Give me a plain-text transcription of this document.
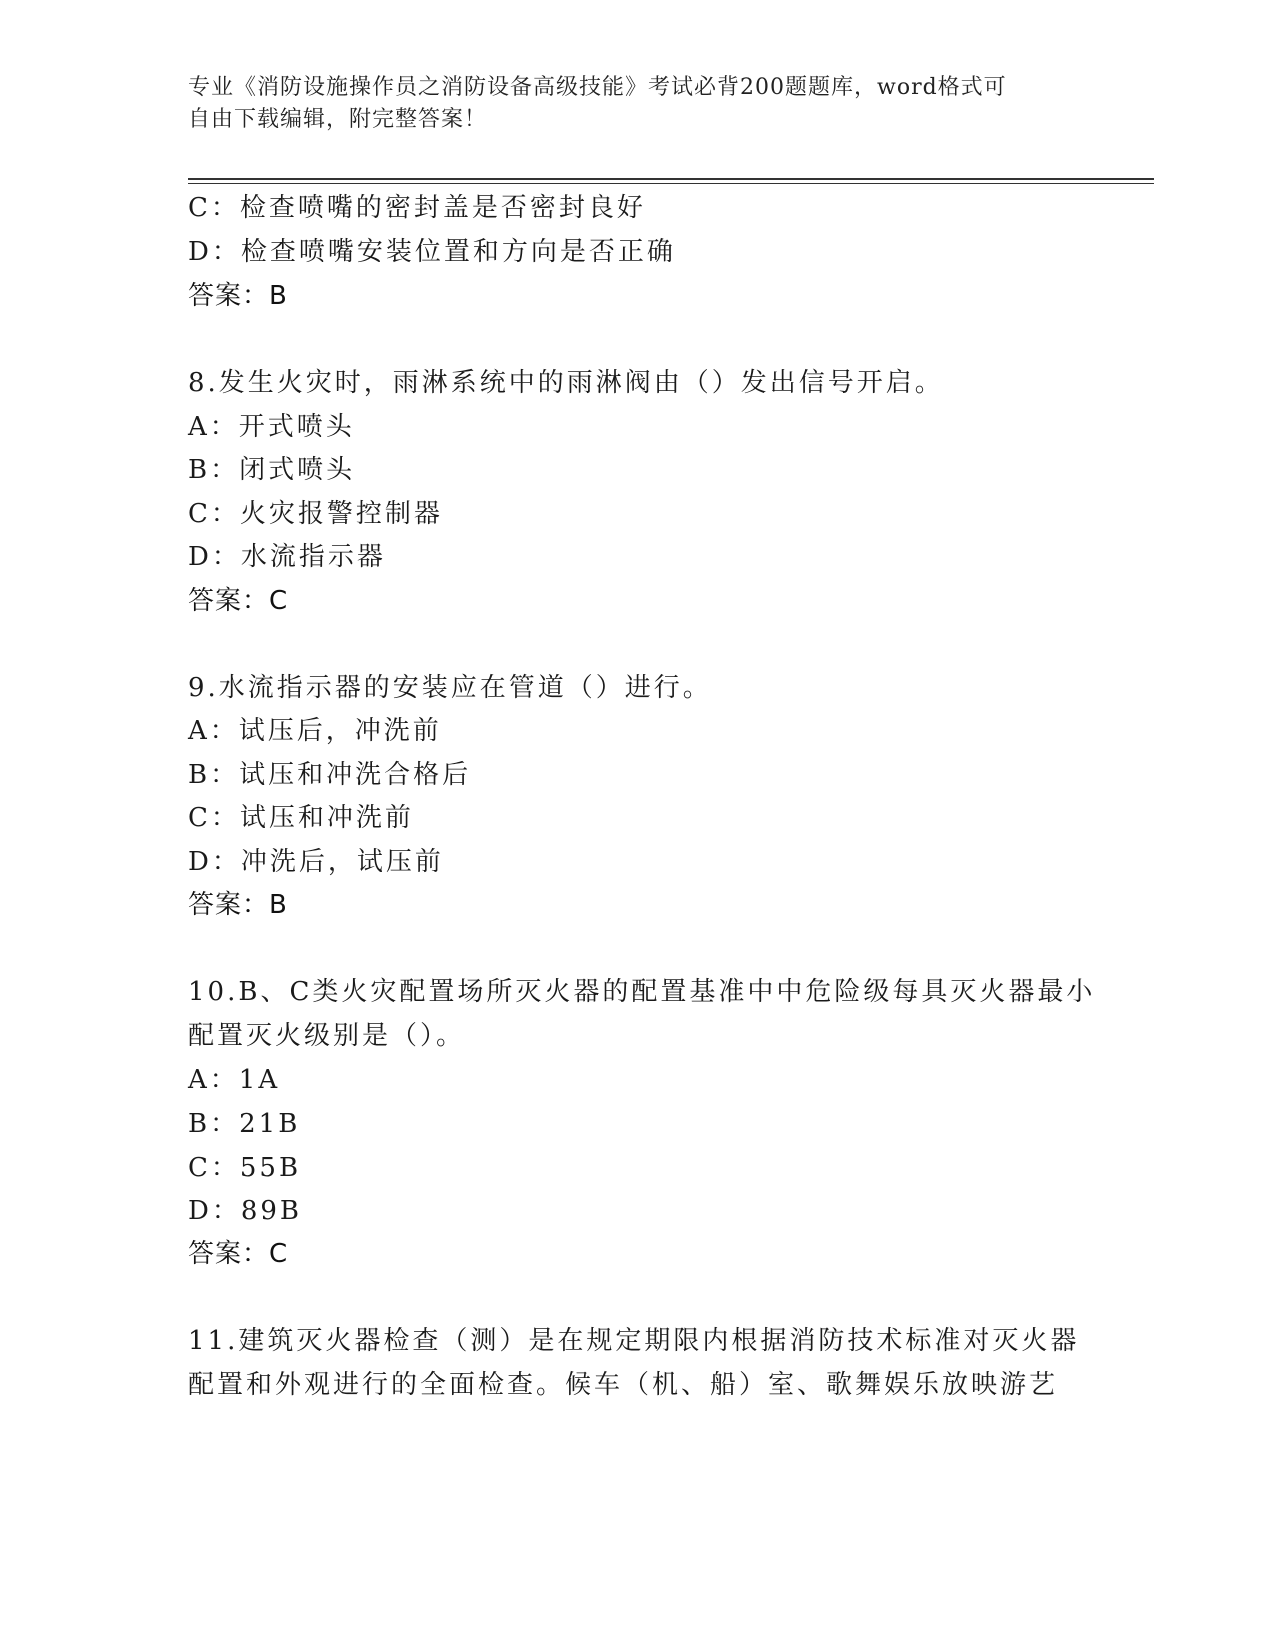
专业《消防设施操作员之消防设备高级技能》考试必背200题题库，word格式可
自由下载编辑，附完整答案！
C：检查喷嘴的密封盖是否密封良好
D：检查喷嘴安装位置和方向是否正确
答案：B
8.发生火灾时，雨淋系统中的雨淋阀由（）发出信号开启。
A：开式喷头
B：闭式喷头
C：火灾报警控制器
D：水流指示器
答案：C
9.水流指示器的安装应在管道（）进行。
A：试压后，冲洗前
B：试压和冲洗合格后
C：试压和冲洗前
D：冲洗后，试压前
答案：B
10.B、C类火灾配置场所灭火器的配置基准中中危险级每具灭火器最小
配置灭火级别是（）。
A：1A
B：21B
C：55B
D：89B
答案：C
11.建筑灭火器检查（测）是在规定期限内根据消防技术标准对灭火器
配置和外观进行的全面检查。候车（机、船）室、歌舞娱乐放映游艺
